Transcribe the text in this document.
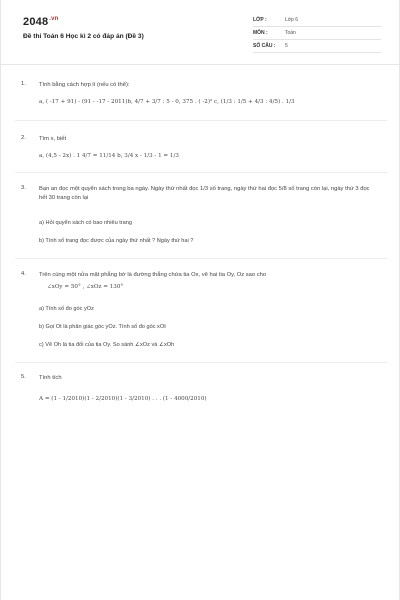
$2048^{.vn}$
Đề thi Toán 6 Học kì 2 có đáp án (Đề 3)
LỚP :	Lớp 6
MÔN :	Toán
SỐ CÂU : 5
1. Tính bằng cách hợp lí (nếu có thể):
a, ( -17 + 91) - (91 - -17 - 2011)b, 4/7 + 3/7 : 5 - 0, 375 . ( -2)² c, (1/3 : 1/5 + 4/3 : 4/5) . 1/3
2. Tìm x, biết
a, (4,5 - 2x) . 1 4/7 = 11/14 b, 3/4 x - 1/3 - 1 = 1/3
3. Bạn an đọc một quyển sách trong ba ngày. Ngày thứ nhất đọc 1/3 số trang, ngày thứ hai đọc 5/8 số trang còn lại, ngày thứ 3 đọc hết 30 trang còn lại
a) Hỏi quyển sách có bao nhiêu trang
b) Tính số trang đọc được của ngày thứ nhất ? Ngày thứ hai ?
4. Trên cùng một nửa mặt phẳng bờ là đường thẳng chứa tia Ox, vẽ hai tia Oy, Oz sao cho
∠xOy = 50° , ∠xOz = 130°
a) Tính số đo góc yOz
b) Gọi Ot là phân giác góc yOz. Tính số đo góc xOt
c) Vẽ Oh là tia đối của tia Oy. So sánh ∠xOz và ∠xOh
5. Tính tích
A = (1 - 1/2010)(1 - 2/2010)(1 - 3/2010) . . . (1 - 4000/2010)
